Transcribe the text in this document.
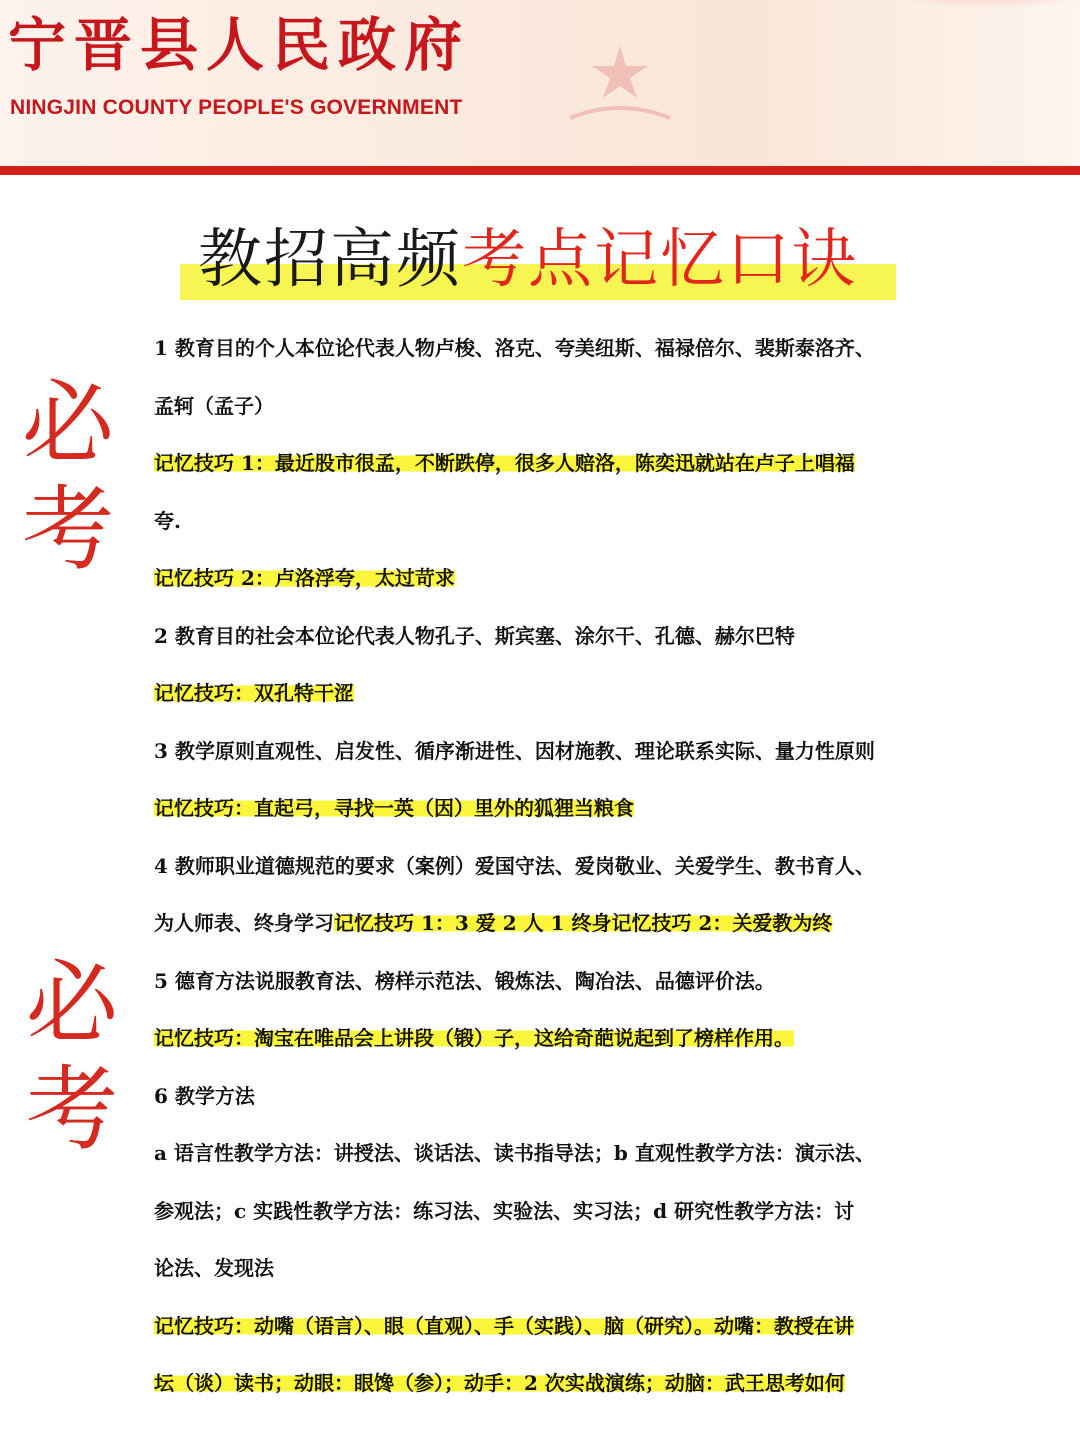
宁晋县人民政府
NINGJIN COUNTY PEOPLE'S GOVERNMENT
教招高频考点记忆口诀
必
考
必
考
1 教育目的个人本位论代表人物卢梭、洛克、夸美纽斯、福禄倍尔、裴斯泰洛齐、
孟轲（孟子）
记忆技巧 1：最近股市很孟，不断跌停，很多人赔洛，陈奕迅就站在卢子上唱福
夸.
记忆技巧 2：卢洛浮夸，太过苛求
2 教育目的社会本位论代表人物孔子、斯宾塞、涂尔干、孔德、赫尔巴特
记忆技巧：双孔特干涩
3 教学原则直观性、启发性、循序渐进性、因材施教、理论联系实际、量力性原则
记忆技巧：直起弓，寻找一英（因）里外的狐狸当粮食
4 教师职业道德规范的要求（案例）爱国守法、爱岗敬业、关爱学生、教书育人、
为人师表、终身学习记忆技巧 1：3 爱 2 人 1 终身记忆技巧 2：关爱教为终
5 德育方法说服教育法、榜样示范法、锻炼法、陶冶法、品德评价法。
记忆技巧：淘宝在唯品会上讲段（锻）子，这给奇葩说起到了榜样作用。
6 教学方法
a 语言性教学方法：讲授法、谈话法、读书指导法；b 直观性教学方法：演示法、
参观法；c 实践性教学方法：练习法、实验法、实习法；d 研究性教学方法：讨
论法、发现法
记忆技巧：动嘴（语言）、眼（直观）、手（实践）、脑（研究）。动嘴：教授在讲
坛（谈）读书；动眼：眼馋（参）；动手：2 次实战演练；动脑：武王思考如何
